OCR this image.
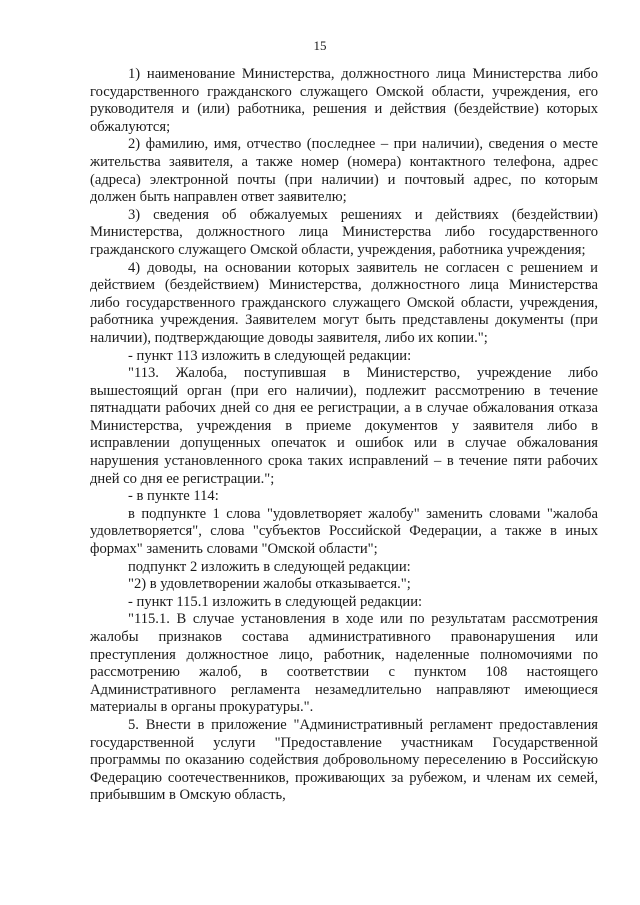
15

1) наименование Министерства, должностного лица Министерства либо государственного гражданского служащего Омской области, учреждения, его руководителя и (или) работника, решения и действия (бездействие) которых обжалуются;

2) фамилию, имя, отчество (последнее – при наличии), сведения о месте жительства заявителя, а также номер (номера) контактного телефона, адрес (адреса) электронной почты (при наличии) и почтовый адрес, по которым должен быть направлен ответ заявителю;

3) сведения об обжалуемых решениях и действиях (бездействии) Министерства, должностного лица Министерства либо государственного гражданского служащего Омской области, учреждения, работника учреждения;

4) доводы, на основании которых заявитель не согласен с решением и действием (бездействием) Министерства, должностного лица Министерства либо государственного гражданского служащего Омской области, учреждения, работника учреждения. Заявителем могут быть представлены документы (при наличии), подтверждающие доводы заявителя, либо их копии.";

- пункт 113 изложить в следующей редакции:

"113. Жалоба, поступившая в Министерство, учреждение либо вышестоящий орган (при его наличии), подлежит рассмотрению в течение пятнадцати рабочих дней со дня ее регистрации, а в случае обжалования отказа Министерства, учреждения в приеме документов у заявителя либо в исправлении допущенных опечаток и ошибок или в случае обжалования нарушения установленного срока таких исправлений – в течение пяти рабочих дней со дня ее регистрации.";

- в пункте 114:

в подпункте 1 слова "удовлетворяет жалобу" заменить словами "жалоба удовлетворяется", слова "субъектов Российской Федерации, а также в иных формах" заменить словами "Омской области";

подпункт 2 изложить в следующей редакции:

"2) в удовлетворении жалобы отказывается.";

- пункт 115.1 изложить в следующей редакции:

"115.1. В случае установления в ходе или по результатам рассмотрения жалобы признаков состава административного правонарушения или преступления должностное лицо, работник, наделенные полномочиями по рассмотрению жалоб, в соответствии с пунктом 108 настоящего Административного регламента незамедлительно направляют имеющиеся материалы в органы прокуратуры.".

5. Внести в приложение "Административный регламент предоставления государственной услуги "Предоставление участникам Государственной программы по оказанию содействия добровольному переселению в Российскую Федерацию соотечественников, проживающих за рубежом, и членам их семей, прибывшим в Омскую область,
